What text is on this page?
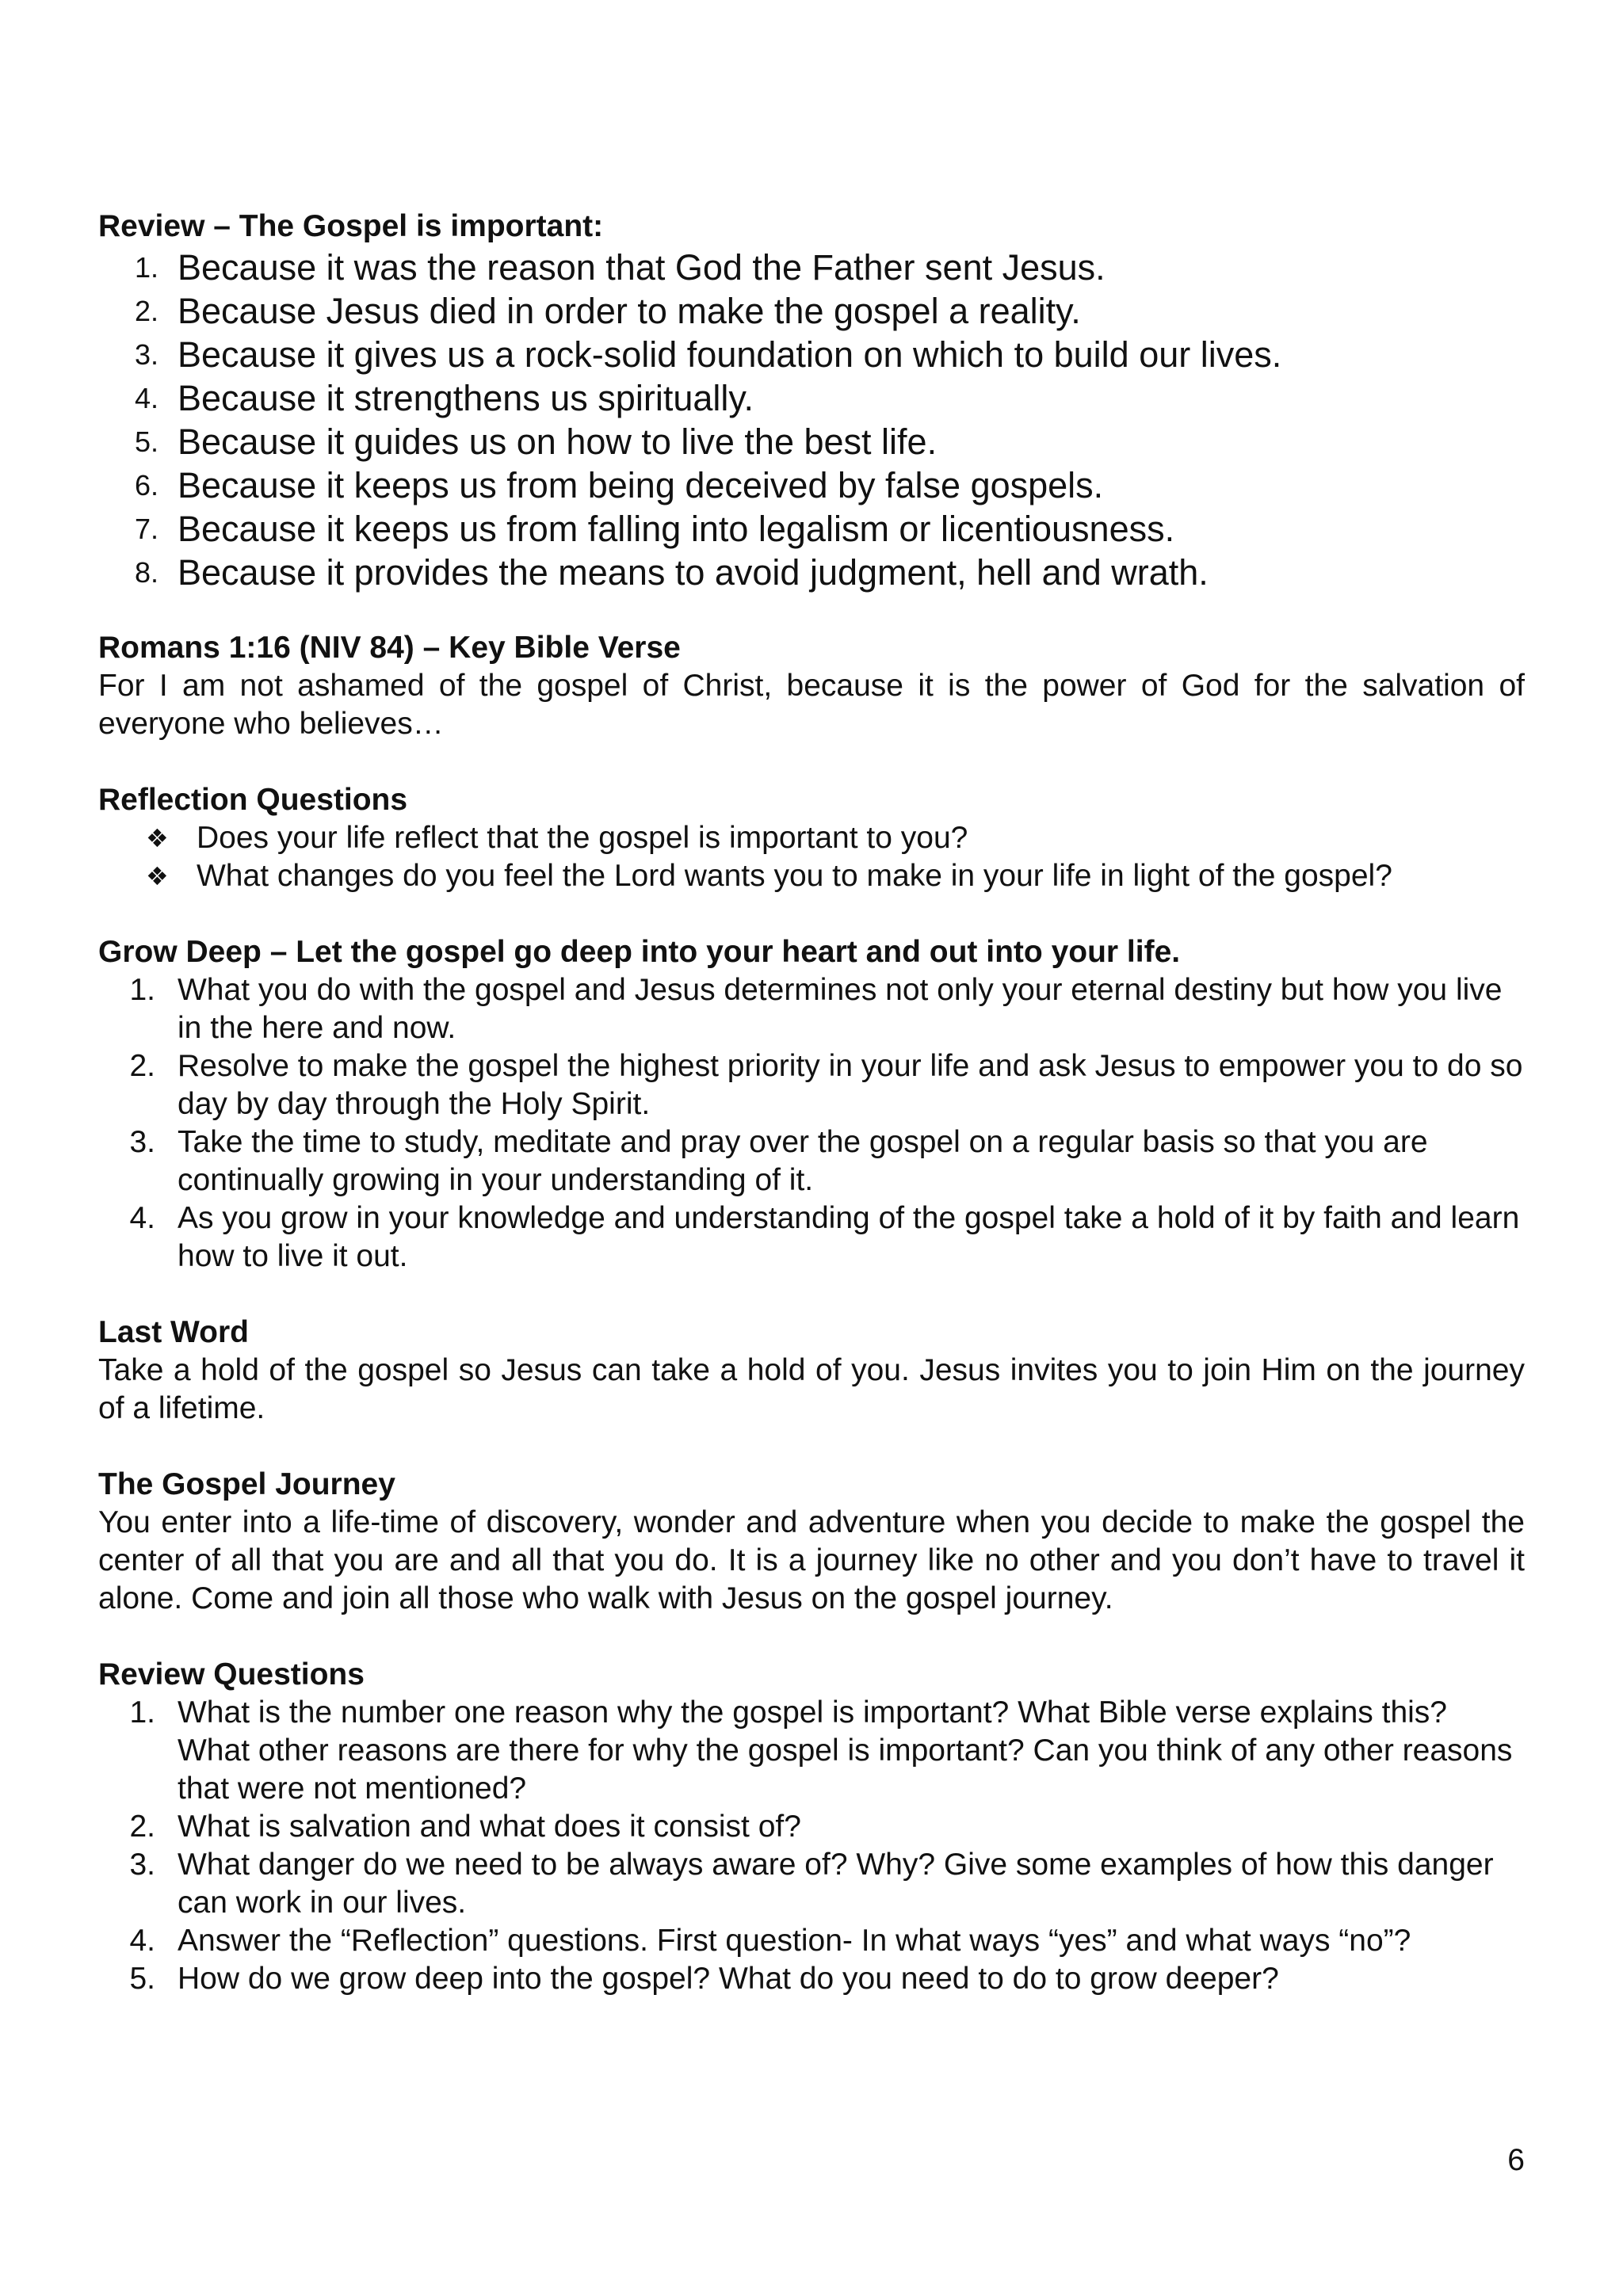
Review – The Gospel is important:

1. Because it was the reason that God the Father sent Jesus.
2. Because Jesus died in order to make the gospel a reality.
3. Because it gives us a rock-solid foundation on which to build our lives.
4. Because it strengthens us spiritually.
5. Because it guides us on how to live the best life.
6. Because it keeps us from being deceived by false gospels.
7. Because it keeps us from falling into legalism or licentiousness.
8. Because it provides the means to avoid judgment, hell and wrath.

Romans 1:16 (NIV 84) – Key Bible Verse

For I am not ashamed of the gospel of Christ, because it is the power of God for the salvation of everyone who believes…

Reflection Questions

❖ Does your life reflect that the gospel is important to you?
❖ What changes do you feel the Lord wants you to make in your life in light of the gospel?

Grow Deep – Let the gospel go deep into your heart and out into your life.

1. What you do with the gospel and Jesus determines not only your eternal destiny but how you live in the here and now.
2. Resolve to make the gospel the highest priority in your life and ask Jesus to empower you to do so day by day through the Holy Spirit.
3. Take the time to study, meditate and pray over the gospel on a regular basis so that you are continually growing in your understanding of it.
4. As you grow in your knowledge and understanding of the gospel take a hold of it by faith and learn how to live it out.

Last Word

Take a hold of the gospel so Jesus can take a hold of you. Jesus invites you to join Him on the journey of a lifetime.

The Gospel Journey

You enter into a life-time of discovery, wonder and adventure when you decide to make the gospel the center of all that you are and all that you do. It is a journey like no other and you don’t have to travel it alone. Come and join all those who walk with Jesus on the gospel journey.

Review Questions

1. What is the number one reason why the gospel is important? What Bible verse explains this? What other reasons are there for why the gospel is important? Can you think of any other reasons that were not mentioned?
2. What is salvation and what does it consist of?
3. What danger do we need to be always aware of? Why? Give some examples of how this danger can work in our lives.
4. Answer the “Reflection” questions. First question- In what ways “yes” and what ways “no”?
5. How do we grow deep into the gospel? What do you need to do to grow deeper?
6
